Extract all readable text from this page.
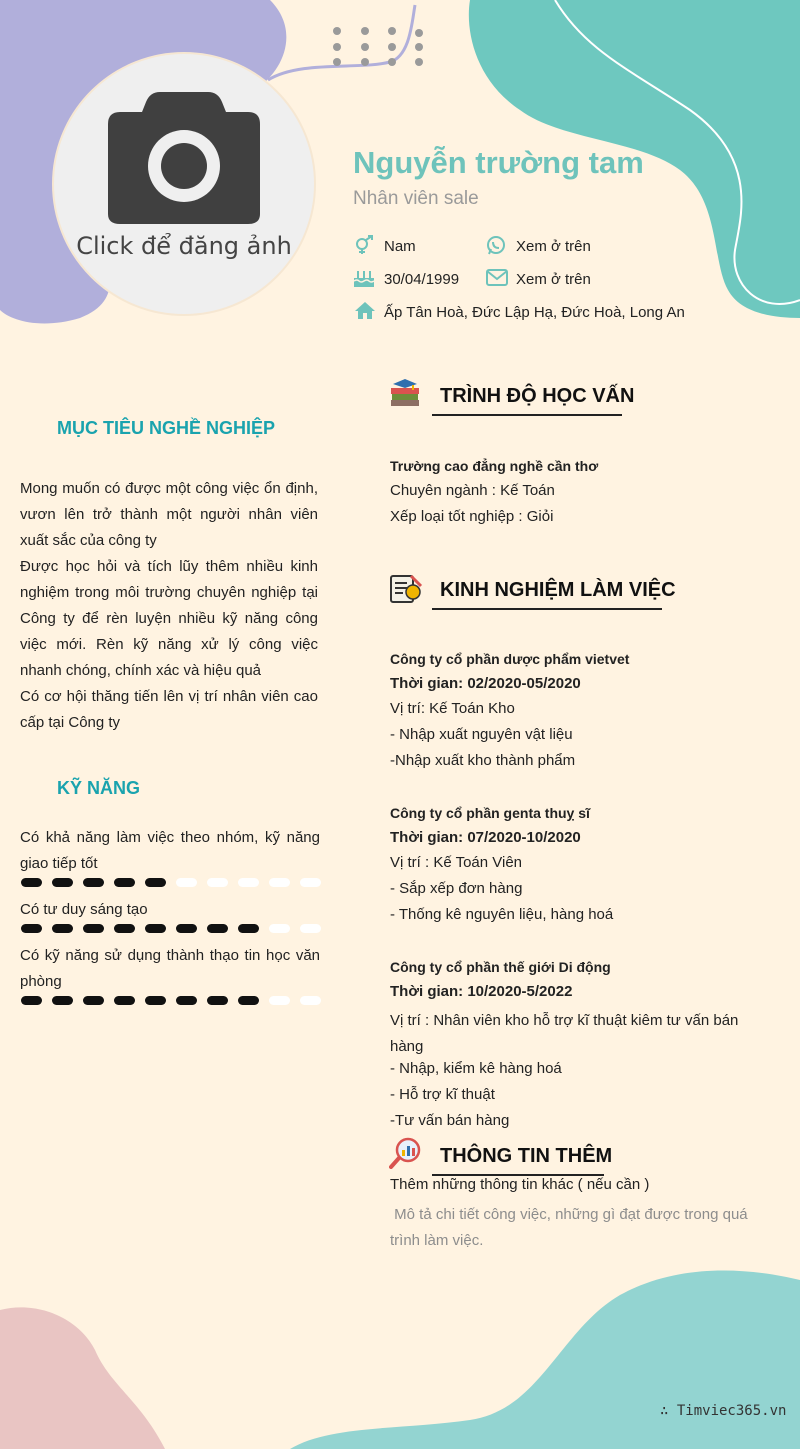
Click để đăng ảnh
Nguyễn trường tam
Nhân viên sale
Nam	Xem ở trên
30/04/1999	Xem ở trên
Ấp Tân Hoà, Đức Lập Hạ, Đức Hoà, Long An
MỤC TIÊU NGHỀ NGHIỆP
Mong muốn có được một công việc ổn định, vươn lên trở thành một người nhân viên xuất sắc của công ty
Được học hỏi và tích lũy thêm nhiều kinh nghiệm trong môi trường chuyên nghiệp tại Công ty để rèn luyện nhiều kỹ năng công việc mới. Rèn kỹ năng xử lý công việc nhanh chóng, chính xác và hiệu quả
Có cơ hội thăng tiến lên vị trí nhân viên cao cấp tại Công ty
KỸ NĂNG
Có khả năng làm việc theo nhóm, kỹ năng giao tiếp tốt
Có tư duy sáng tạo
Có kỹ năng sử dụng thành thạo tin học văn phòng
TRÌNH ĐỘ HỌC VẤN
Trường cao đẳng nghề cần thơ
Chuyên ngành : Kế Toán
Xếp loại tốt nghiệp : Giỏi
KINH NGHIỆM LÀM VIỆC
Công ty cổ phần dược phẩm vietvet
Thời gian: 02/2020-05/2020
Vị trí: Kế Toán Kho
- Nhập xuất nguyên vật liệu
-Nhập xuất kho thành phẩm
Công ty cổ phần genta thuỵ sĩ
Thời gian: 07/2020-10/2020
Vị trí : Kế Toán Viên
- Sắp xếp đơn hàng
- Thống kê nguyên liệu, hàng hoá
Công ty cổ phần thế giới Di động
Thời gian: 10/2020-5/2022
Vị trí : Nhân viên kho hỗ trợ kĩ thuật kiêm tư vấn bán hàng
- Nhập, kiểm kê hàng hoá
- Hỗ trợ kĩ thuật
-Tư vấn bán hàng
THÔNG TIN THÊM
Thêm những thông tin khác ( nếu cần )
Mô tả chi tiết công việc, những gì đạt được trong quá trình làm việc.
∴ Timviec365.vn
